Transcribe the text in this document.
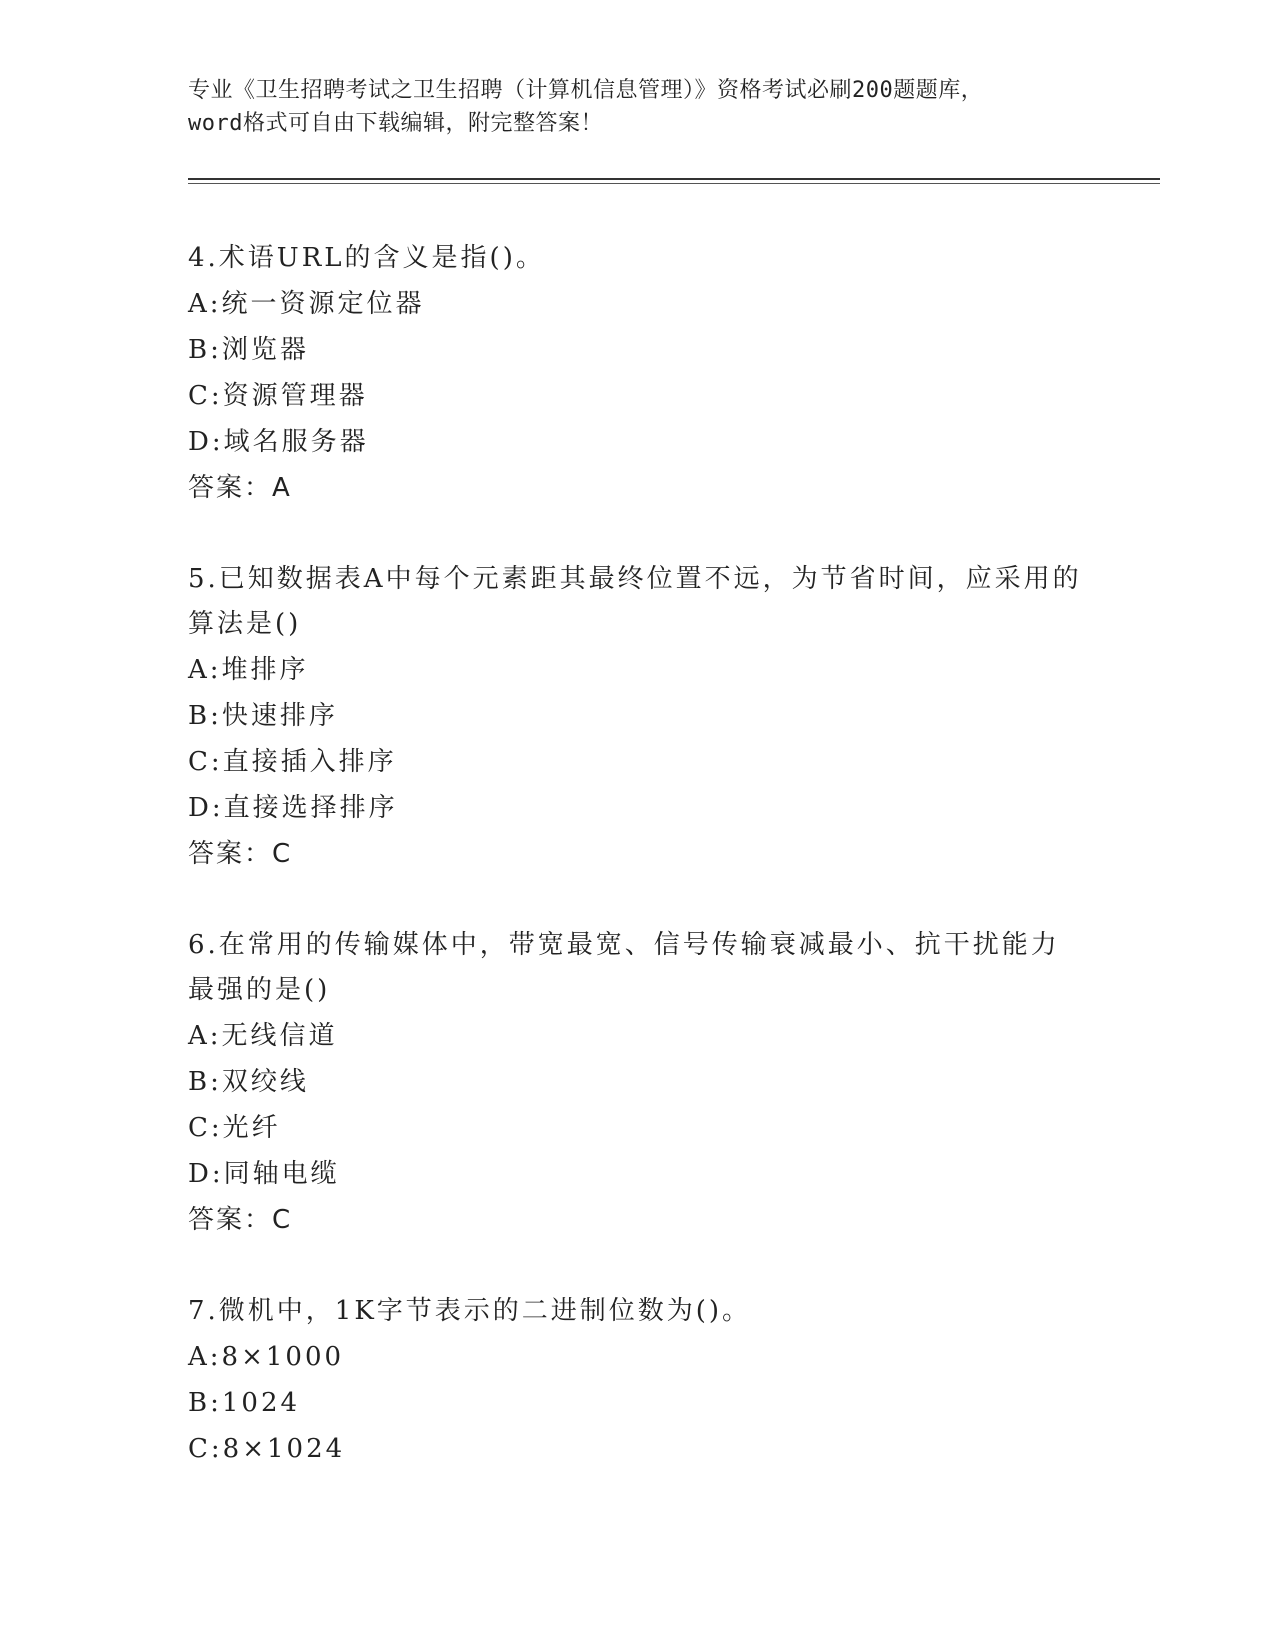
专业《卫生招聘考试之卫生招聘（计算机信息管理）》资格考试必刷200题题库，
word格式可自由下载编辑，附完整答案！
4.术语URL的含义是指()。
A:统一资源定位器
B:浏览器
C:资源管理器
D:域名服务器
答案：A
5.已知数据表A中每个元素距其最终位置不远，为节省时间，应采用的算法是()
A:堆排序
B:快速排序
C:直接插入排序
D:直接选择排序
答案：C
6.在常用的传输媒体中，带宽最宽、信号传输衰减最小、抗干扰能力最强的是()
A:无线信道
B:双绞线
C:光纤
D:同轴电缆
答案：C
7.微机中，1K字节表示的二进制位数为()。
A:8×1000
B:1024
C:8×1024
